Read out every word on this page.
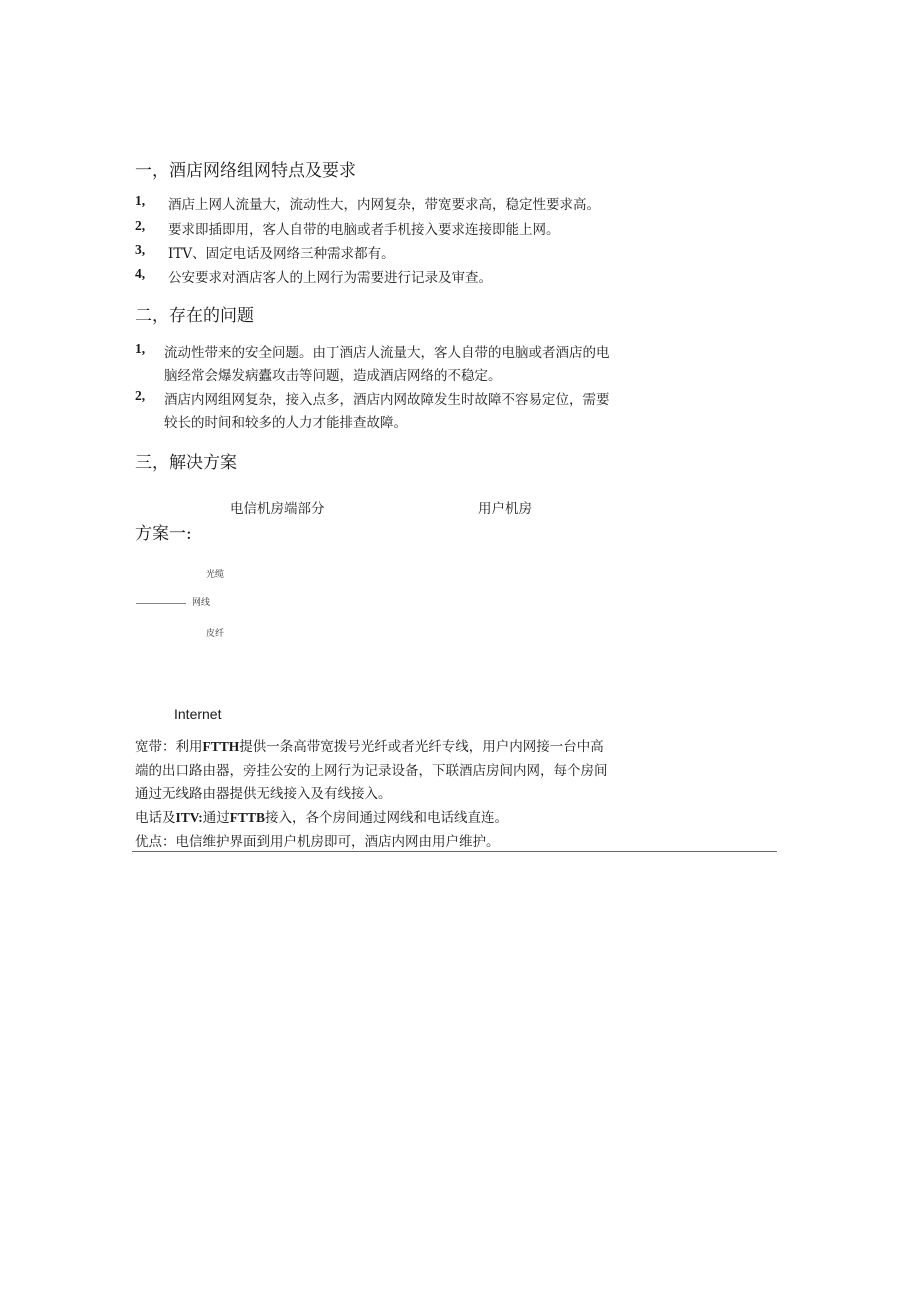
一，酒店网络组网特点及要求
1, 酒店上网人流量大，流动性大，内网复杂，带宽要求高，稳定性要求高。
2, 要求即插即用，客人自带的电脑或者手机接入要求连接即能上网。
3, ITV、固定电话及网络三种需求都有。
4, 公安要求对酒店客人的上网行为需要进行记录及审查。
二，存在的问题
1, 流动性带来的安全问题。由丁酒店人流量大，客人自带的电脑或者酒店的电
脑经常会爆发病蠹攻击等问题，造成酒店网络的不稳定。
2, 酒店内网组网复杂，接入点多，酒店内网故障发生时故障不容易定位，需要
较长的时间和较多的人力才能排查故障。
三，解决方案
电信机房端部分	用户机房
方案一:
光缆
网线
皮纤
Internet
宽带：利用FTTH提供一条高带宽拨号光纤或者光纤专线，用户内网接一台中高
端的出口路由器，旁挂公安的上网行为记录设备，下联酒店房间内网，每个房间
通过无线路由器提供无线接入及有线接入。
电话及ITV:通过FTTB接入，各个房间通过网线和电话线直连。
优点：电信维护界面到用户机房即可，酒店内网由用户维护。
